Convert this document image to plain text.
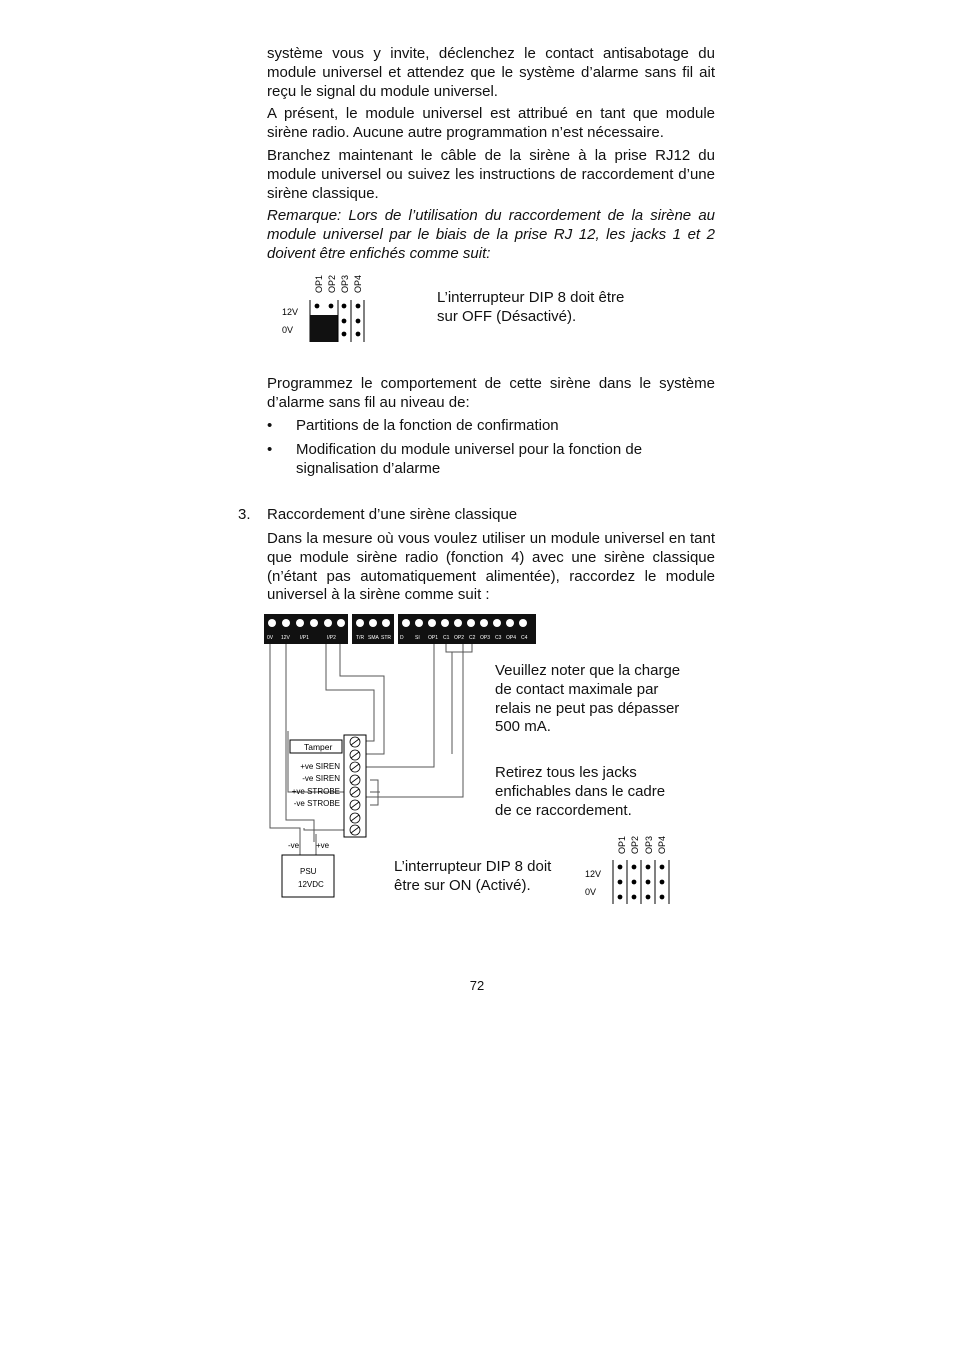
système vous y invite, déclenchez le contact antisabotage du module universel et attendez que le système d’alarme sans fil ait reçu le signal du module universel.

A présent, le module universel est attribué en tant que module sirène radio. Aucune autre programmation n’est nécessaire.

Branchez maintenant le câble de la sirène à la prise RJ12 du module universel ou suivez les instructions de raccordement d’une sirène classique.

Remarque: Lors de l’utilisation du raccordement de la sirène au module universel par le biais de la prise RJ 12, les jacks 1 et 2 doivent être enfichés comme suit:

OP1 OP2 OP3 OP4
12V
0V

L’interrupteur DIP 8 doit être sur OFF (Désactivé).

Programmez le comportement de cette sirène dans le système d’alarme sans fil au niveau de:

• Partitions de la fonction de confirmation

• Modification du module universel pour la fonction de signalisation d’alarme

3. Raccordement d’une sirène classique

Dans la mesure où vous voulez utiliser un module universel en tant que module sirène radio (fonction 4) avec une sirène classique (n’étant pas automatiquement alimentée), raccordez le module universel à la sirène comme suit :

0V 12V I/P1	I/P2	T/R SMA STR D SI OP1 C1 OP2 C2 OP3 C3 OP4 C4
Tamper
+ve SIREN
-ve SIREN
+ve STROBE
-ve STROBE
-ve +ve
PSU
12VDC

Veuillez noter que la charge de contact maximale par relais ne peut pas dépasser 500 mA.

Retirez tous les jacks enfichables dans le cadre de ce raccordement.

L’interrupteur DIP 8 doit être sur ON (Activé).

OP1 OP2 OP3 OP4
12V
0V

72
